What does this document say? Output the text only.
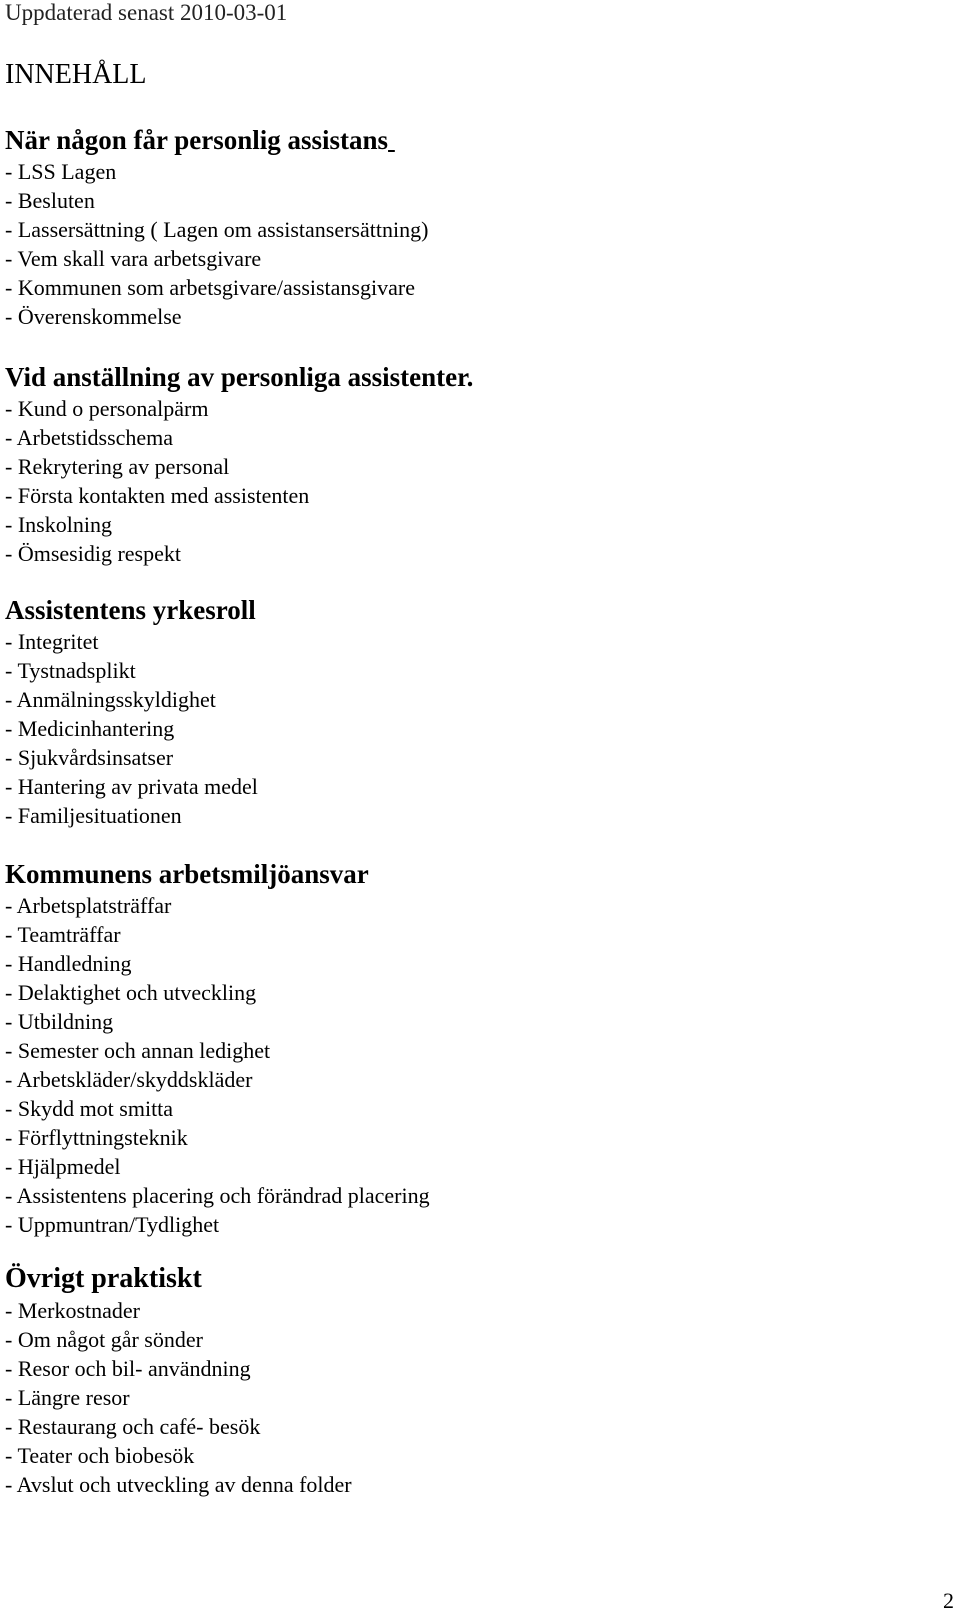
Uppdaterad senast 2010-03-01
INNEHÅLL
När någon får personlig assistans
- LSS Lagen
- Besluten
- Lassersättning ( Lagen om assistansersättning)
- Vem skall vara arbetsgivare
- Kommunen som arbetsgivare/assistansgivare
- Överenskommelse
Vid anställning av personliga assistenter.
- Kund o personalpärm
- Arbetstidsschema
- Rekrytering av personal
- Första kontakten med assistenten
- Inskolning
- Ömsesidig respekt
Assistentens yrkesroll
- Integritet
- Tystnadsplikt
- Anmälningsskyldighet
- Medicinhantering
- Sjukvårdsinsatser
- Hantering av privata medel
- Familjesituationen
Kommunens arbetsmiljöansvar
- Arbetsplatsträffar
- Teamträffar
- Handledning
- Delaktighet och utveckling
- Utbildning
- Semester och annan ledighet
- Arbetskläder/skyddskläder
- Skydd mot smitta
- Förflyttningsteknik
- Hjälpmedel
- Assistentens placering och förändrad placering
- Uppmuntran/Tydlighet
Övrigt praktiskt
- Merkostnader
- Om något går sönder
- Resor och bil- användning
- Längre resor
- Restaurang och café- besök
- Teater och biobesök
- Avslut och utveckling av denna folder
2
